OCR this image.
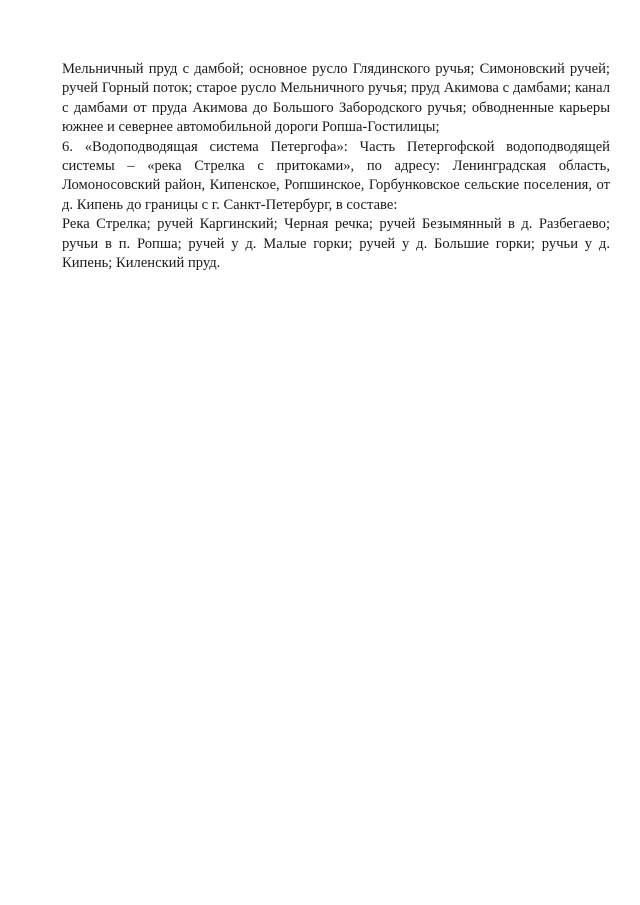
Мельничный пруд с дамбой; основное русло Глядинского ручья; Симоновский ручей; ручей Горный поток; старое русло Мельничного ручья; пруд Акимова с дамбами; канал с дамбами от пруда Акимова до Большого Забородского ручья; обводненные карьеры южнее и севернее автомобильной дороги Ропша-Гостилицы;

6. «Водоподводящая система Петергофа»: Часть Петергофской водоподводящей системы – «река Стрелка с притоками», по адресу: Ленинградская область, Ломоносовский район, Кипенское, Ропшинское, Горбунковское сельские поселения, от д. Кипень до границы с г. Санкт-Петербург, в составе:

Река Стрелка; ручей Каргинский; Черная речка; ручей Безымянный в д. Разбегаево; ручьи в п. Ропша; ручей у д. Малые горки; ручей у д. Большие горки; ручьи у д. Кипень; Киленский пруд.
